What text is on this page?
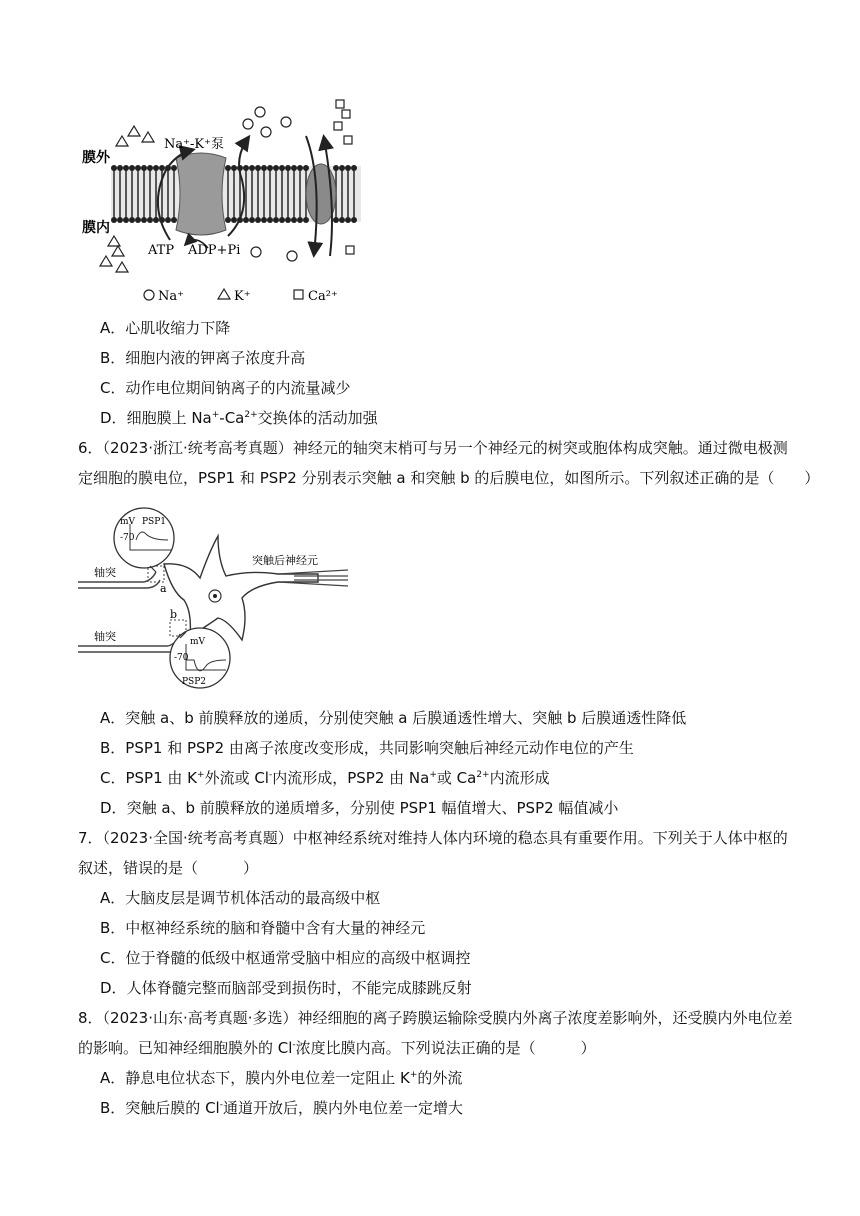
膜外
膜内
Na⁺-K⁺泵
ATP ADP+Pi
Na⁺	K⁺	Ca²⁺
A．心肌收缩力下降
B．细胞内液的钾离子浓度升高
C．动作电位期间钠离子的内流量减少
D．细胞膜上 $Na^+-Ca^{2+}$交换体的活动加强
6．（2023·浙江·统考高考真题）神经元的轴突末梢可与另一个神经元的树突或胞体构成突触。通过微电极测
定细胞的膜电位，PSP1 和 PSP2 分别表示突触 a 和突触 b 的后膜电位，如图所示。下列叙述正确的是（　　）
mV
-70
PSP1
mV
-70
PSP2
轴突
轴突
a
b
突触后神经元
A．突触 a、b 前膜释放的递质，分别使突触 a 后膜通透性增大、突触 b 后膜通透性降低
B．PSP1 和 PSP2 由离子浓度改变形成，共同影响突触后神经元动作电位的产生
C．PSP1 由 K+外流或 Cl-内流形成，PSP2 由 Na+或 $Ca^{2+}$内流形成
D．突触 a、b 前膜释放的递质增多，分别使 PSP1 幅值增大、PSP2 幅值减小
7．（2023·全国·统考高考真题）中枢神经系统对维持人体内环境的稳态具有重要作用。下列关于人体中枢的
叙述，错误的是（　　　）
A．大脑皮层是调节机体活动的最高级中枢
B．中枢神经系统的脑和脊髓中含有大量的神经元
C．位于脊髓的低级中枢通常受脑中相应的高级中枢调控
D．人体脊髓完整而脑部受到损伤时，不能完成膝跳反射
8．（2023·山东·高考真题·多选）神经细胞的离子跨膜运输除受膜内外离子浓度差影响外，还受膜内外电位差
的影响。已知神经细胞膜外的 Cl-浓度比膜内高。下列说法正确的是（　　　）
A．静息电位状态下，膜内外电位差一定阻止 K+的外流
B．突触后膜的 Cl-通道开放后，膜内外电位差一定增大
